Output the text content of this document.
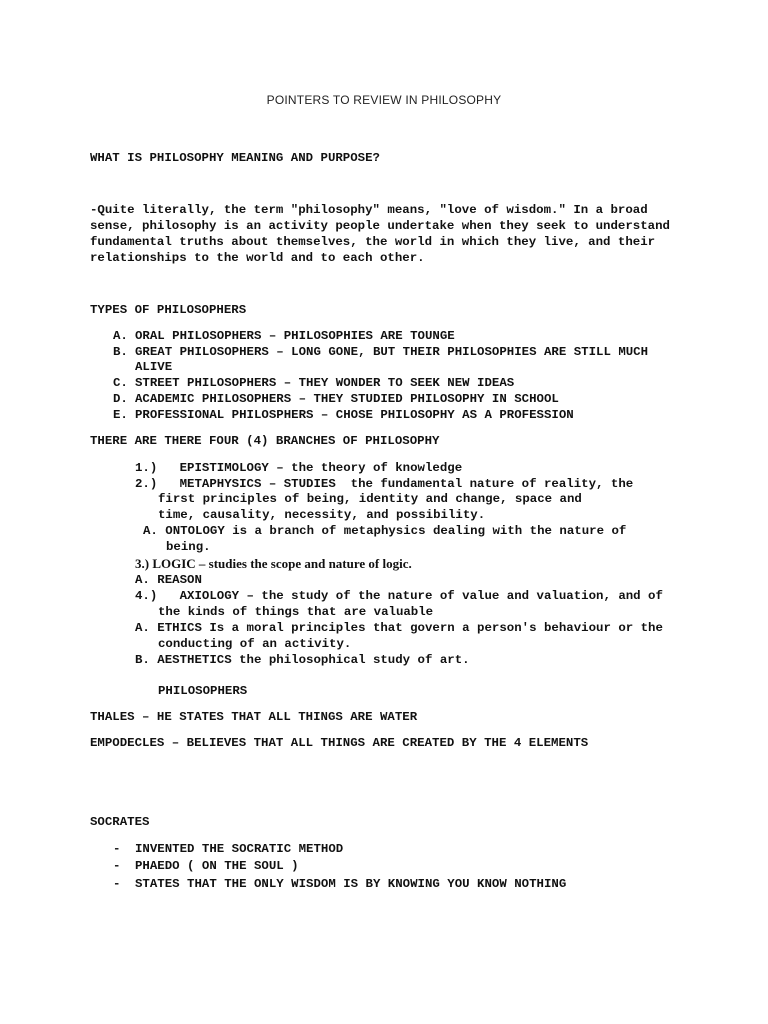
POINTERS TO REVIEW IN PHILOSOPHY
WHAT IS PHILOSOPHY MEANING AND PURPOSE?
-Quite literally, the term "philosophy" means, "love of wisdom." In a broad
sense, philosophy is an activity people undertake when they seek to understand
fundamental truths about themselves, the world in which they live, and their
relationships to the world and to each other.
TYPES OF PHILOSOPHERS
A. ORAL PHILOSOPHERS – PHILOSOPHIES ARE TOUNGE
B. GREAT PHILOSOPHERS – LONG GONE, BUT THEIR PHILOSOPHIES ARE STILL MUCH
ALIVE
C. STREET PHILOSOPHERS – THEY WONDER TO SEEK NEW IDEAS
D. ACADEMIC PHILOSOPHERS – THEY STUDIED PHILOSOPHY IN SCHOOL
E. PROFESSIONAL PHILOSPHERS – CHOSE PHILOSOPHY AS A PROFESSION
THERE ARE THERE FOUR (4) BRANCHES OF PHILOSOPHY
1.)   EPISTIMOLOGY – the theory of knowledge
2.)   METAPHYSICS – STUDIES  the fundamental nature of reality, the
first principles of being, identity and change, space and
time, causality, necessity, and possibility.
A. ONTOLOGY is a branch of metaphysics dealing with the nature of
being.
3.) LOGIC – studies the scope and nature of logic.
A. REASON
4.)   AXIOLOGY – the study of the nature of value and valuation, and of
the kinds of things that are valuable
A. ETHICS Is a moral principles that govern a person's behaviour or the
conducting of an activity.
B. AESTHETICS the philosophical study of art.
PHILOSOPHERS
THALES – HE STATES THAT ALL THINGS ARE WATER
EMPODECLES – BELIEVES THAT ALL THINGS ARE CREATED BY THE 4 ELEMENTS
SOCRATES
- INVENTED THE SOCRATIC METHOD
- PHAEDO ( ON THE SOUL )
- STATES THAT THE ONLY WISDOM IS BY KNOWING YOU KNOW NOTHING
